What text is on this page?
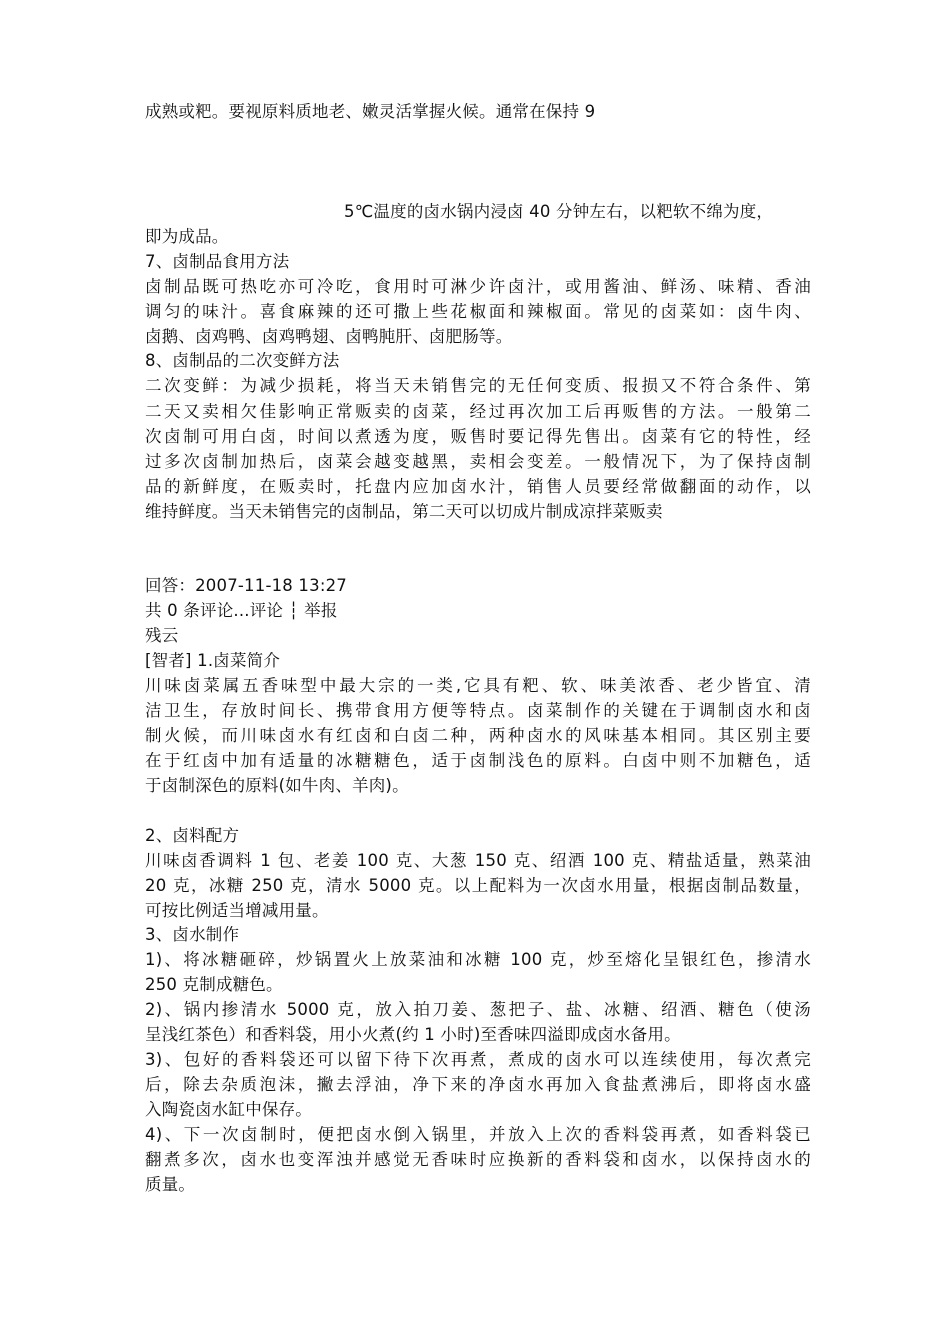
成熟或粑。要视原料质地老、嫩灵活掌握火候。通常在保持 9
5℃温度的卤水锅内浸卤 40 分钟左右，以粑软不绵为度，
即为成品。
7、卤制品食用方法
卤制品既可热吃亦可冷吃，食用时可淋少许卤汁，或用酱油、鲜汤、味精、香油
调匀的味汁。喜食麻辣的还可撒上些花椒面和辣椒面。常见的卤菜如：卤牛肉、
卤鹅、卤鸡鸭、卤鸡鸭翅、卤鸭肫肝、卤肥肠等。
8、卤制品的二次变鲜方法
二次变鲜：为减少损耗，将当天未销售完的无任何变质、报损又不符合条件、第
二天又卖相欠佳影响正常贩卖的卤菜，经过再次加工后再贩售的方法。一般第二
次卤制可用白卤，时间以煮透为度，贩售时要记得先售出。卤菜有它的特性，经
过多次卤制加热后，卤菜会越变越黑，卖相会变差。一般情况下，为了保持卤制
品的新鲜度，在贩卖时，托盘内应加卤水汁，销售人员要经常做翻面的动作，以
维持鲜度。当天未销售完的卤制品，第二天可以切成片制成凉拌菜贩卖
回答：2007-11-18 13:27
共 0 条评论...评论 ┆ 举报
残云
[智者] 1.卤菜简介
川味卤菜属五香味型中最大宗的一类,它具有粑、软、味美浓香、老少皆宜、清
洁卫生，存放时间长、携带食用方便等特点。卤菜制作的关键在于调制卤水和卤
制火候，而川味卤水有红卤和白卤二种，两种卤水的风味基本相同。其区别主要
在于红卤中加有适量的冰糖糖色，适于卤制浅色的原料。白卤中则不加糖色，适
于卤制深色的原料(如牛肉、羊肉)。
2、卤料配方
川味卤香调料 1 包、老姜 100 克、大葱 150 克、绍酒 100 克、精盐适量，熟菜油
20 克，冰糖 250 克，清水 5000 克。以上配料为一次卤水用量，根据卤制品数量，
可按比例适当增减用量。
3、卤水制作
1)、将冰糖砸碎，炒锅置火上放菜油和冰糖 100 克，炒至熔化呈银红色，掺清水
250 克制成糖色。
2)、锅内掺清水 5000 克，放入拍刀姜、葱把子、盐、冰糖、绍酒、糖色（使汤
呈浅红茶色）和香料袋，用小火煮(约 1 小时)至香味四溢即成卤水备用。
3)、包好的香料袋还可以留下待下次再煮，煮成的卤水可以连续使用，每次煮完
后，除去杂质泡沫，撇去浮油，净下来的净卤水再加入食盐煮沸后，即将卤水盛
入陶瓷卤水缸中保存。
4)、下一次卤制时，便把卤水倒入锅里，并放入上次的香料袋再煮，如香料袋已
翻煮多次，卤水也变浑浊并感觉无香味时应换新的香料袋和卤水，以保持卤水的
质量。
